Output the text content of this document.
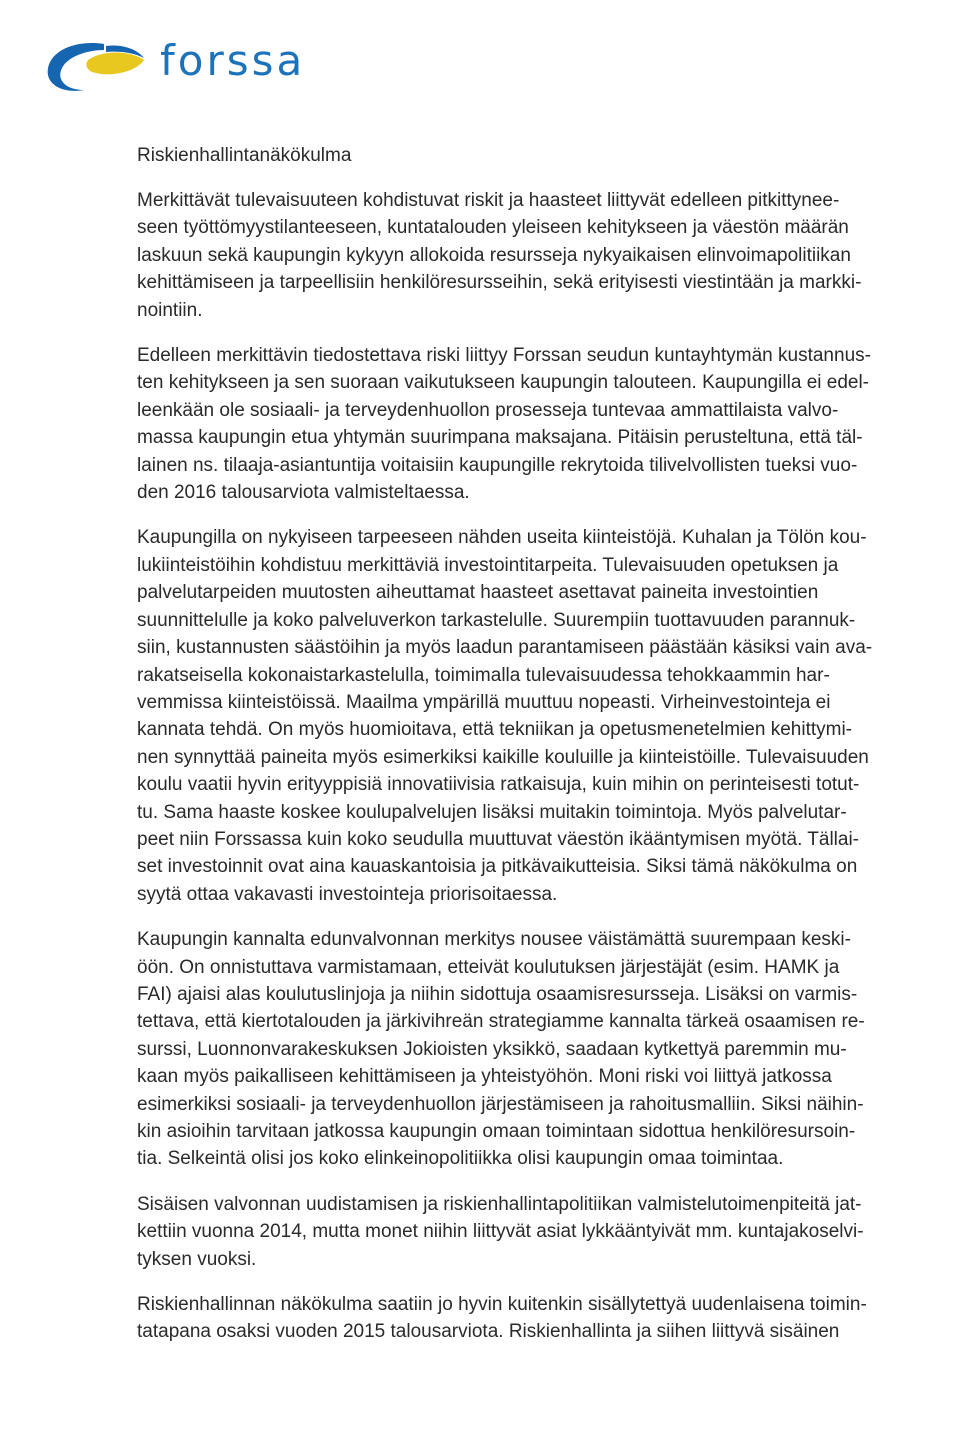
forssa

Riskienhallintanäkökulma

Merkittävät tulevaisuuteen kohdistuvat riskit ja haasteet liittyvät edelleen pitkittynee-
seen työttömyystilanteeseen, kuntatalouden yleiseen kehitykseen ja väestön määrän
laskuun sekä kaupungin kykyyn allokoida resursseja nykyaikaisen elinvoimapolitiikan
kehittämiseen ja tarpeellisiin henkilöresursseihin, sekä erityisesti viestintään ja markki-
nointiin.

Edelleen merkittävin tiedostettava riski liittyy Forssan seudun kuntayhtymän kustannus-
ten kehitykseen ja sen suoraan vaikutukseen kaupungin talouteen. Kaupungilla ei edel-
leenkään ole sosiaali- ja terveydenhuollon prosesseja tuntevaa ammattilaista valvo-
massa kaupungin etua yhtymän suurimpana maksajana. Pitäisin perusteltuna, että täl-
lainen ns. tilaaja-asiantuntija voitaisiin kaupungille rekrytoida tilivelvollisten tueksi vuo-
den 2016 talousarviota valmisteltaessa.

Kaupungilla on nykyiseen tarpeeseen nähden useita kiinteistöjä. Kuhalan ja Tölön kou-
lukiinteistöihin kohdistuu merkittäviä investointitarpeita. Tulevaisuuden opetuksen ja
palvelutarpeiden muutosten aiheuttamat haasteet asettavat paineita investointien
suunnittelulle ja koko palveluverkon tarkastelulle. Suurempiin tuottavuuden parannuk-
siin, kustannusten säästöihin ja myös laadun parantamiseen päästään käsiksi vain ava-
rakatseisella kokonaistarkastelulla, toimimalla tulevaisuudessa tehokkaammin har-
vemmissa kiinteistöissä. Maailma ympärillä muuttuu nopeasti. Virheinvestointeja ei
kannata tehdä. On myös huomioitava, että tekniikan ja opetusmenetelmien kehittymi-
nen synnyttää paineita myös esimerkiksi kaikille kouluille ja kiinteistöille. Tulevaisuuden
koulu vaatii hyvin erityyppisiä innovatiivisia ratkaisuja, kuin mihin on perinteisesti totut-
tu. Sama haaste koskee koulupalvelujen lisäksi muitakin toimintoja. Myös palvelutar-
peet niin Forssassa kuin koko seudulla muuttuvat väestön ikääntymisen myötä. Tällai-
set investoinnit ovat aina kauaskantoisia ja pitkävaikutteisia. Siksi tämä näkökulma on
syytä ottaa vakavasti investointeja priorisoitaessa.

Kaupungin kannalta edunvalvonnan merkitys nousee väistämättä suurempaan keski-
öön. On onnistuttava varmistamaan, etteivät koulutuksen järjestäjät (esim. HAMK ja
FAI) ajaisi alas koulutuslinjoja ja niihin sidottuja osaamisresursseja. Lisäksi on varmis-
tettava, että kiertotalouden ja järkivihreän strategiamme kannalta tärkeä osaamisen re-
surssi, Luonnonvarakeskuksen Jokioisten yksikkö, saadaan kytkettyä paremmin mu-
kaan myös paikalliseen kehittämiseen ja yhteistyöhön. Moni riski voi liittyä jatkossa
esimerkiksi sosiaali- ja terveydenhuollon järjestämiseen ja rahoitusmalliin. Siksi näihin-
kin asioihin tarvitaan jatkossa kaupungin omaan toimintaan sidottua henkilöresursoin-
tia. Selkeintä olisi jos koko elinkeinopolitiikka olisi kaupungin omaa toimintaa.

Sisäisen valvonnan uudistamisen ja riskienhallintapolitiikan valmistelutoimenpiteitä jat-
kettiin vuonna 2014, mutta monet niihin liittyvät asiat lykkääntyivät mm. kuntajakoselvi-
tyksen vuoksi.

Riskienhallinnan näkökulma saatiin jo hyvin kuitenkin sisällytettyä uudenlaisena toimin-
tatapana osaksi vuoden 2015 talousarviota. Riskienhallinta ja siihen liittyvä sisäinen
